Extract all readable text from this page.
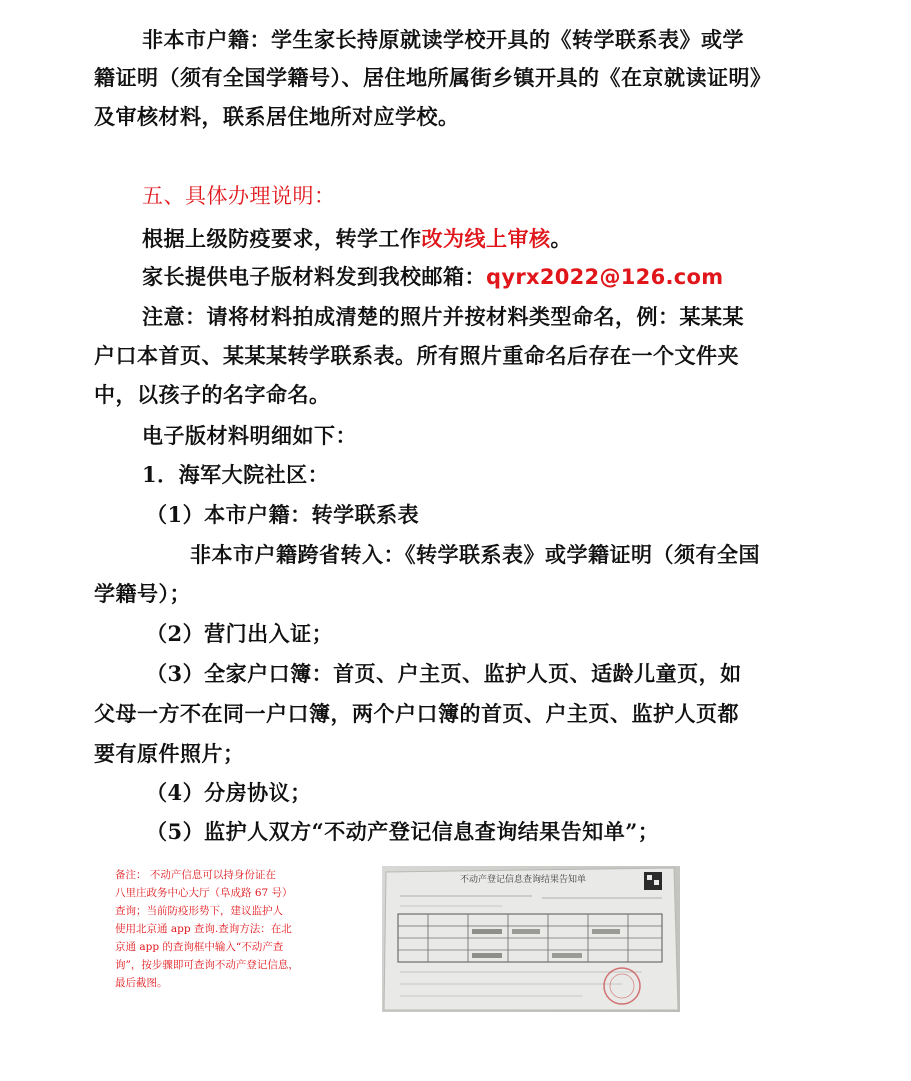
非本市户籍：学生家长持原就读学校开具的《转学联系表》或学
籍证明（须有全国学籍号）、居住地所属街乡镇开具的《在京就读证明》
及审核材料，联系居住地所对应学校。
五、具体办理说明：
根据上级防疫要求，转学工作改为线上审核。
家长提供电子版材料发到我校邮箱：qyrx2022@126.com
注意：请将材料拍成清楚的照片并按材料类型命名，例：某某某
户口本首页、某某某转学联系表。所有照片重命名后存在一个文件夹
中，以孩子的名字命名。
电子版材料明细如下：
1．海军大院社区：
（1）本市户籍：转学联系表
非本市户籍跨省转入：《转学联系表》或学籍证明（须有全国
学籍号）；
（2）营门出入证；
（3）全家户口簿：首页、户主页、监护人页、适龄儿童页，如
父母一方不在同一户口簿，两个户口簿的首页、户主页、监护人页都
要有原件照片；
（4）分房协议；
（5）监护人双方“不动产登记信息查询结果告知单”；

备注： 不动产信息可以持身份证在

八里庄政务中心大厅（阜成路 67 号）

查询；当前防疫形势下，建议监护人

使用北京通 app 查询.查询方法：在北

京通 app 的查询框中输入“不动产查

询”，按步骤即可查询不动产登记信息，

最后截图。

不动产登记信息查询结果告知单
